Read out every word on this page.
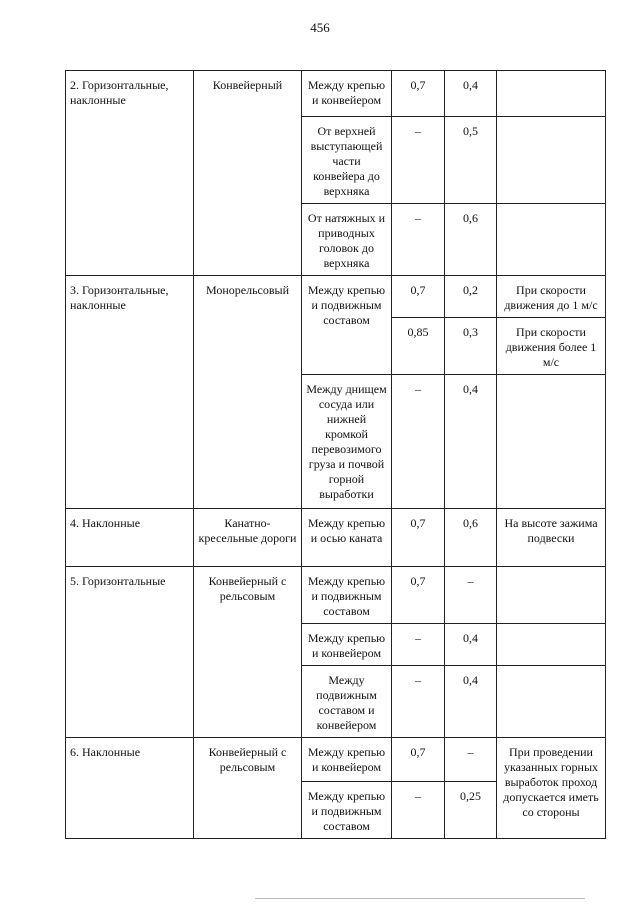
456
2. Горизонтальные, наклонные	Конвейерный	Между крепью и конвейером	0,7	0,4	
		От верхней выступающей части конвейера до верхняка	–	0,5	
		От натяжных и приводных головок до верхняка	–	0,6	
3. Горизонтальные, наклонные	Монорельсовый	Между крепью и подвижным составом	0,7	0,2	При скорости движения до 1 м/с
			0,85	0,3	При скорости движения более 1 м/с
		Между днищем сосуда или нижней кромкой перевозимого груза и почвой горной выработки	–	0,4	
4. Наклонные	Канатно-кресельные дороги	Между крепью и осью каната	0,7	0,6	На высоте зажима подвески
5. Горизонтальные	Конвейерный с рельсовым	Между крепью и подвижным составом	0,7	–	
		Между крепью и конвейером	–	0,4	
		Между подвижным составом и конвейером	–	0,4	
6. Наклонные	Конвейерный с рельсовым	Между крепью и конвейером	0,7	–	При проведении указанных горных выработок проход допускается иметь со стороны
		Между крепью и подвижным составом	–	0,25	
